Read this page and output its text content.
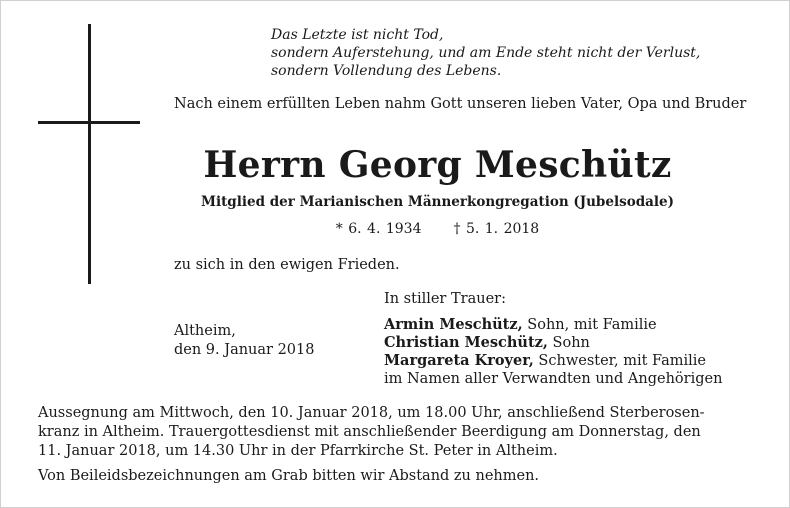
Das Letzte ist nicht Tod,
sondern Auferstehung, und am Ende steht nicht der Verlust,
sondern Vollendung des Lebens.

Nach einem erfüllten Leben nahm Gott unseren lieben Vater, Opa und Bruder

Herrn Georg Meschütz

Mitglied der Marianischen Männerkongregation (Jubelsodale)

* 6. 4. 1934 † 5. 1. 2018

zu sich in den ewigen Frieden.

Altheim,
den 9. Januar 2018
In stiller Trauer:
Armin Meschütz, Sohn, mit Familie
Christian Meschütz, Sohn
Margareta Kroyer, Schwester, mit Familie
im Namen aller Verwandten und Angehörigen
Aussegnung am Mittwoch, den 10. Januar 2018, um 18.00 Uhr, anschließend Sterberosen-
kranz in Altheim. Trauergottesdienst mit anschließender Beerdigung am Donnerstag, den
11. Januar 2018, um 14.30 Uhr in der Pfarrkirche St. Peter in Altheim.

Von Beileidsbezeichnungen am Grab bitten wir Abstand zu nehmen.
